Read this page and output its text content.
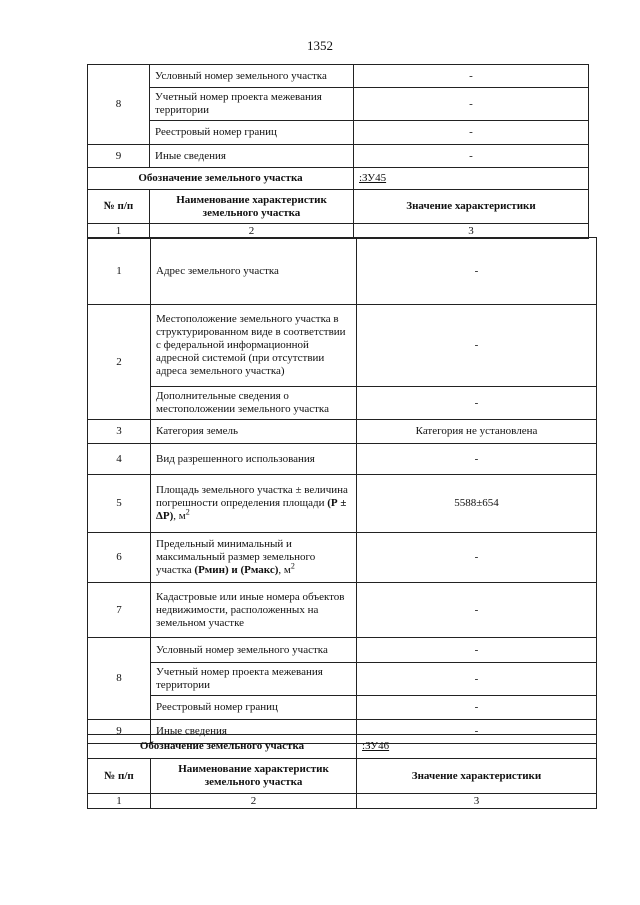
1352
8	Условный номер земельного участка	-
	Учетный номер проекта межевания территории	-
	Реестровый номер границ	-
9	Иные сведения	-
Обозначение земельного участка		:ЗУ45
№ п/п	Наименование характеристик земельного участка	Значение характеристики
1	2	3
1	Адрес земельного участка	-
2	Местоположение земельного участка в структурированном виде в соответствии с федеральной информационной адресной системой (при отсутствии адреса земельного участка)	-
	Дополнительные сведения о местоположении земельного участка	-
3	Категория земель	Категория не установлена
4	Вид разрешенного использования	-
5	Площадь земельного участка ± величина погрешности определения площади (Р ± ΔР), $м^2$	5588±654
6	Предельный минимальный и максимальный размер земельного участка (Рмин) и (Рмакс), $м^2$	-
7	Кадастровые или иные номера объектов недвижимости, расположенных на земельном участке	-
8	Условный номер земельного участка	-
	Учетный номер проекта межевания территории	-
	Реестровый номер границ	-
9	Иные сведения	-
Обозначение земельного участка		:ЗУ46
№ п/п	Наименование характеристик земельного участка	Значение характеристики
1	2	3
